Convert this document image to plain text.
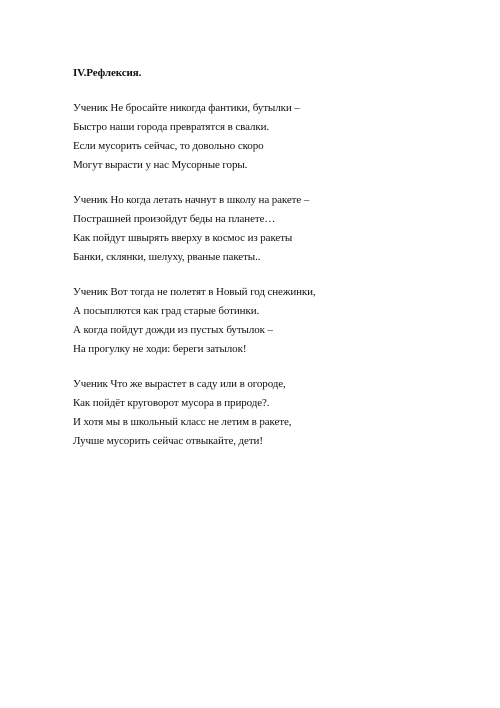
IV.Рефлексия.
Ученик Не бросайте никогда фантики, бутылки –
Быстро наши города превратятся в свалки.
Если мусорить сейчас, то довольно скоро
Могут вырасти у нас Мусорные горы.
Ученик Но когда летать начнут в школу на ракете –
Пострашней произойдут беды на планете…
Как пойдут швырять вверху в космос из ракеты
Банки, склянки, шелуху, рваные пакеты..
Ученик Вот тогда не полетят в Новый год снежинки,
А посыплются как град старые ботинки.
А когда пойдут дожди из пустых бутылок –
На прогулку не ходи: береги затылок!
Ученик Что же вырастет в саду или в огороде,
Как пойдёт круговорот мусора в природе?.
И хотя мы в школьный класс не летим в ракете,
Лучше мусорить сейчас отвыкайте, дети!
